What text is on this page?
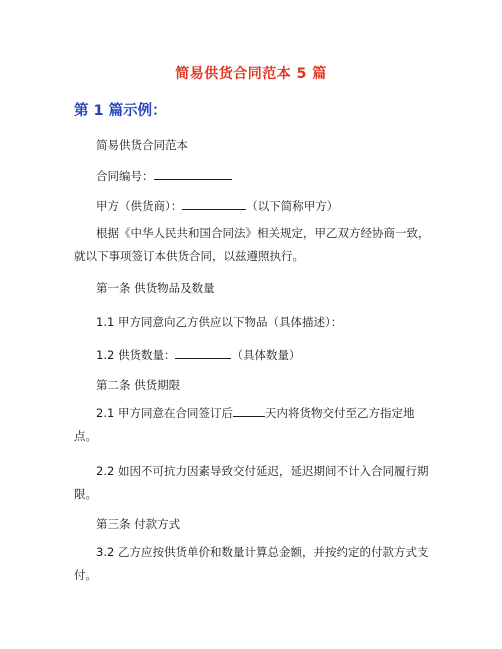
简易供货合同范本 5 篇
第 1 篇示例：
简易供货合同范本
合同编号：
甲方（供货商）：	（以下简称甲方）
根据《中华人民共和国合同法》相关规定，甲乙双方经协商一致，就以下事项签订本供货合同，以兹遵照执行。
第一条 供货物品及数量
1.1 甲方同意向乙方供应以下物品（具体描述）：
1.2 供货数量：	（具体数量）
第二条 供货期限
2.1 甲方同意在合同签订后	天内将货物交付至乙方指定地点。
2.2 如因不可抗力因素导致交付延迟，延迟期间不计入合同履行期限。
第三条 付款方式
3.2 乙方应按供货单价和数量计算总金额，并按约定的付款方式支付。
